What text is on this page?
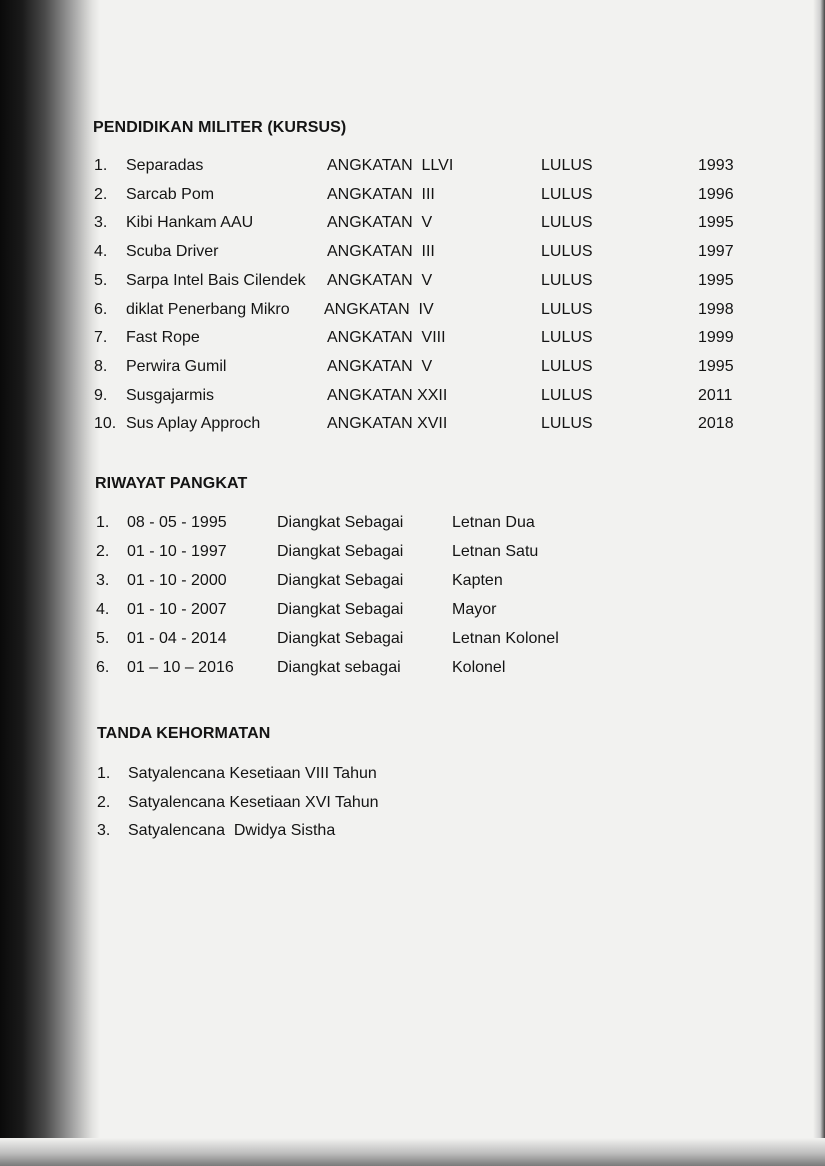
PENDIDIKAN MILITER (KURSUS)
1. Separadas	ANGKATAN  LLVI	LULUS	1993
2. Sarcab Pom	ANGKATAN  III	LULUS	1996
3. Kibi Hankam AAU	ANGKATAN  V	LULUS	1995
4. Scuba Driver	ANGKATAN  III	LULUS	1997
5. Sarpa Intel Bais Cilendek ANGKATAN  V	LULUS	1995
6. diklat Penerbang Mikro ANGKATAN  IV	LULUS	1998
7. Fast Rope	ANGKATAN  VIII	LULUS	1999
8. Perwira Gumil	ANGKATAN  V	LULUS	1995
9. Susgajarmis	ANGKATAN XXII	LULUS	2011
10. Sus Aplay Approch	ANGKATAN XVII	LULUS	2018
RIWAYAT PANGKAT
1. 08 - 05 - 1995	Diangkat Sebagai	Letnan Dua
2. 01 - 10 - 1997	Diangkat Sebagai	Letnan Satu
3. 01 - 10 - 2000	Diangkat Sebagai	Kapten
4. 01 - 10 - 2007	Diangkat Sebagai	Mayor
5. 01 - 04 - 2014	Diangkat Sebagai	Letnan Kolonel
6. 01 – 10 – 2016	Diangkat sebagai	Kolonel
TANDA KEHORMATAN
1. Satyalencana Kesetiaan VIII Tahun
2. Satyalencana Kesetiaan XVI Tahun
3. Satyalencana  Dwidya Sistha
